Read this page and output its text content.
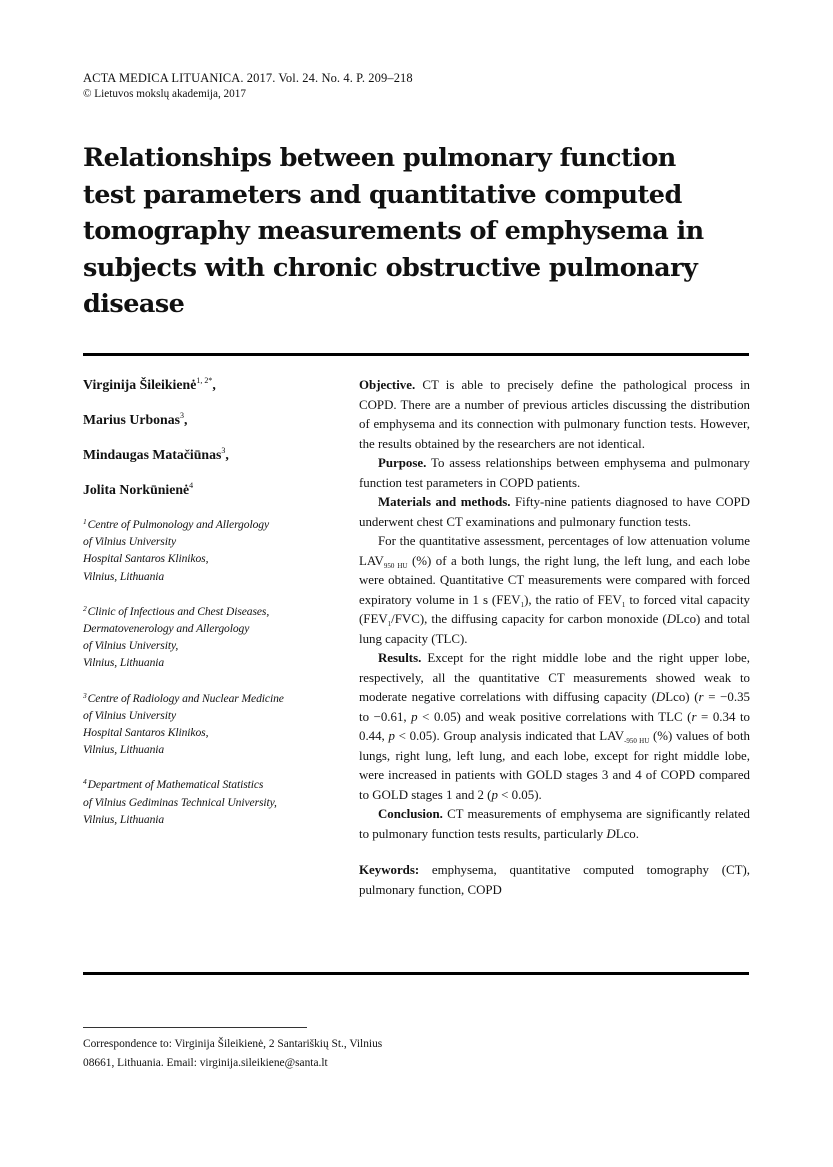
ACTA MEDICA LITUANICA. 2017. Vol. 24. No. 4. P. 209–218
© Lietuvos mokslų akademija, 2017
Relationships between pulmonary function test parameters and quantitative computed tomography measurements of emphysema in subjects with chronic obstructive pulmonary disease
Virginija Šileikienė$^{1, 2*}$,
Marius Urbonas$^3$,
Mindaugas Matačiūnas$^3$,
Jolita Norkūnienė$^4$
$^1$Centre of Pulmonology and Allergology
of Vilnius University
Hospital Santaros Klinikos,
Vilnius, Lithuania
$^2$Clinic of Infectious and Chest Diseases,
Dermatovenerology and Allergology
of Vilnius University,
Vilnius, Lithuania
$^3$Centre of Radiology and Nuclear Medicine
of Vilnius University
Hospital Santaros Klinikos,
Vilnius, Lithuania
$^4$Department of Mathematical Statistics
of Vilnius Gediminas Technical University,
Vilnius, Lithuania

Objective. CT is able to precisely define the pathological process in COPD. There are a number of previous articles discussing the distribution of emphysema and its connection with pulmonary function tests. However, the results obtained by the researchers are not identical.

Purpose. To assess relationships between emphysema and pulmonary function test parameters in COPD patients.

Materials and methods. Fifty-nine patients diagnosed to have COPD underwent chest CT examinations and pulmonary function tests.

For the quantitative assessment, percentages of low attenuation volume $LAV_{950 HU}$ (%) of a both lungs, the right lung, the left lung, and each lobe were obtained. Quantitative CT measurements were compared with forced expiratory volume in 1 s $(FEV_1)$, the ratio of $FEV_1$ to forced vital capacity $(FEV_1/FVC)$, the diffusing capacity for carbon monoxide (DLco) and total lung capacity (TLC).

Results. Except for the right middle lobe and the right upper lobe, respectively, all the quantitative CT measurements showed weak to moderate negative correlations with diffusing capacity (DLco) (r = −0.35 to −0.61, p < 0.05) and weak positive correlations with TLC (r = 0.34 to 0.44, p < 0.05). Group analysis indicated that $LAV_{-950 HU}$ (%) values of both lungs, right lung, left lung, and each lobe, except for right middle lobe, were increased in patients with GOLD stages 3 and 4 of COPD compared to GOLD stages 1 and 2 (p < 0.05).

Conclusion. CT measurements of emphysema are significantly related to pulmonary function tests results, particularly DLco.

Keywords: emphysema, quantitative computed tomography (CT), pulmonary function, COPD

Correspondence to: Virginija Šileikienė, 2 Santariškių St., Vilnius
08661, Lithuania. Email: virginija.sileikiene@santa.lt
